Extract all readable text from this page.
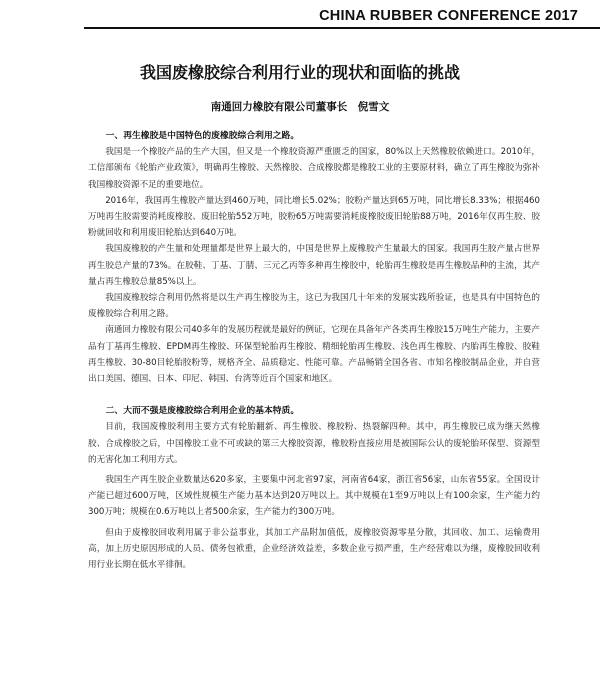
CHINA RUBBER CONFERENCE 2017
我国废橡胶综合利用行业的现状和面临的挑战
南通回力橡胶有限公司董事长　倪雪文
一、再生橡胶是中国特色的废橡胶综合利用之路。

我国是一个橡胶产品的生产大国，但又是一个橡胶资源严重匮乏的国家，80%以上天然橡胶依赖进口。2010年，工信部颁布《轮胎产业政策》，明确再生橡胶、天然橡胶、合成橡胶都是橡胶工业的主要原材料，确立了再生橡胶为弥补我国橡胶资源不足的重要地位。

2016年，我国再生橡胶产量达到460万吨，同比增长5.02%；胶粉产量达到65万吨，同比增长8.33%；根据460万吨再生胶需要消耗废橡胶、废旧轮胎552万吨，胶粉65万吨需要消耗废橡胶废旧轮胎88万吨，2016年仅再生胶、胶粉就回收和利用废旧轮胎达到640万吨。

我国废橡胶的产生量和处理量都是世界上最大的，中国是世界上废橡胶产生量最大的国家。我国再生胶产量占世界再生胶总产量的73%。在胶鞋、丁基、丁腈、三元乙丙等多种再生橡胶中，轮胎再生橡胶是再生橡胶品种的主流，其产量占再生橡胶总量85%以上。

我国废橡胶综合利用仍然将是以生产再生橡胶为主，这已为我国几十年来的发展实践所验证，也是具有中国特色的废橡胶综合利用之路。

南通回力橡胶有限公司40多年的发展历程就是最好的例证，它现在具备年产各类再生橡胶15万吨生产能力，主要产品有丁基再生橡胶、EPDM再生橡胶、环保型轮胎再生橡胶、精细轮胎再生橡胶、浅色再生橡胶、内胎再生橡胶、胶鞋再生橡胶、30-80目轮胎胶粉等，规格齐全、品质稳定、性能可靠。产品畅销全国各省、市知名橡胶制品企业，并自营出口美国、德国、日本、印尼、韩国、台湾等近百个国家和地区。

二、大而不强是废橡胶综合利用企业的基本特质。

目前，我国废橡胶利用主要方式有轮胎翻新、再生橡胶、橡胶粉、热裂解四种。其中，再生橡胶已成为继天然橡胶、合成橡胶之后，中国橡胶工业不可或缺的第三大橡胶资源，橡胶粉直接应用是被国际公认的废轮胎环保型、资源型的无害化加工利用方式。

我国生产再生胶企业数量达620多家，主要集中河北省97家，河南省64家，浙江省56家，山东省55家。全国设计产能已超过600万吨，区域性规模生产能力基本达到20万吨以上。其中规模在1至9万吨以上有100余家，生产能力约300万吨；规模在0.6万吨以上者500余家，生产能力约300万吨。

但由于废橡胶回收利用属于非公益事业，其加工产品附加值低，废橡胶资源零星分散，其回收、加工、运输费用高，加上历史原因形成的人员、债务包袱重，企业经济效益差，多数企业亏损严重，生产经营难以为继，废橡胶回收利用行业长期在低水平徘徊。
